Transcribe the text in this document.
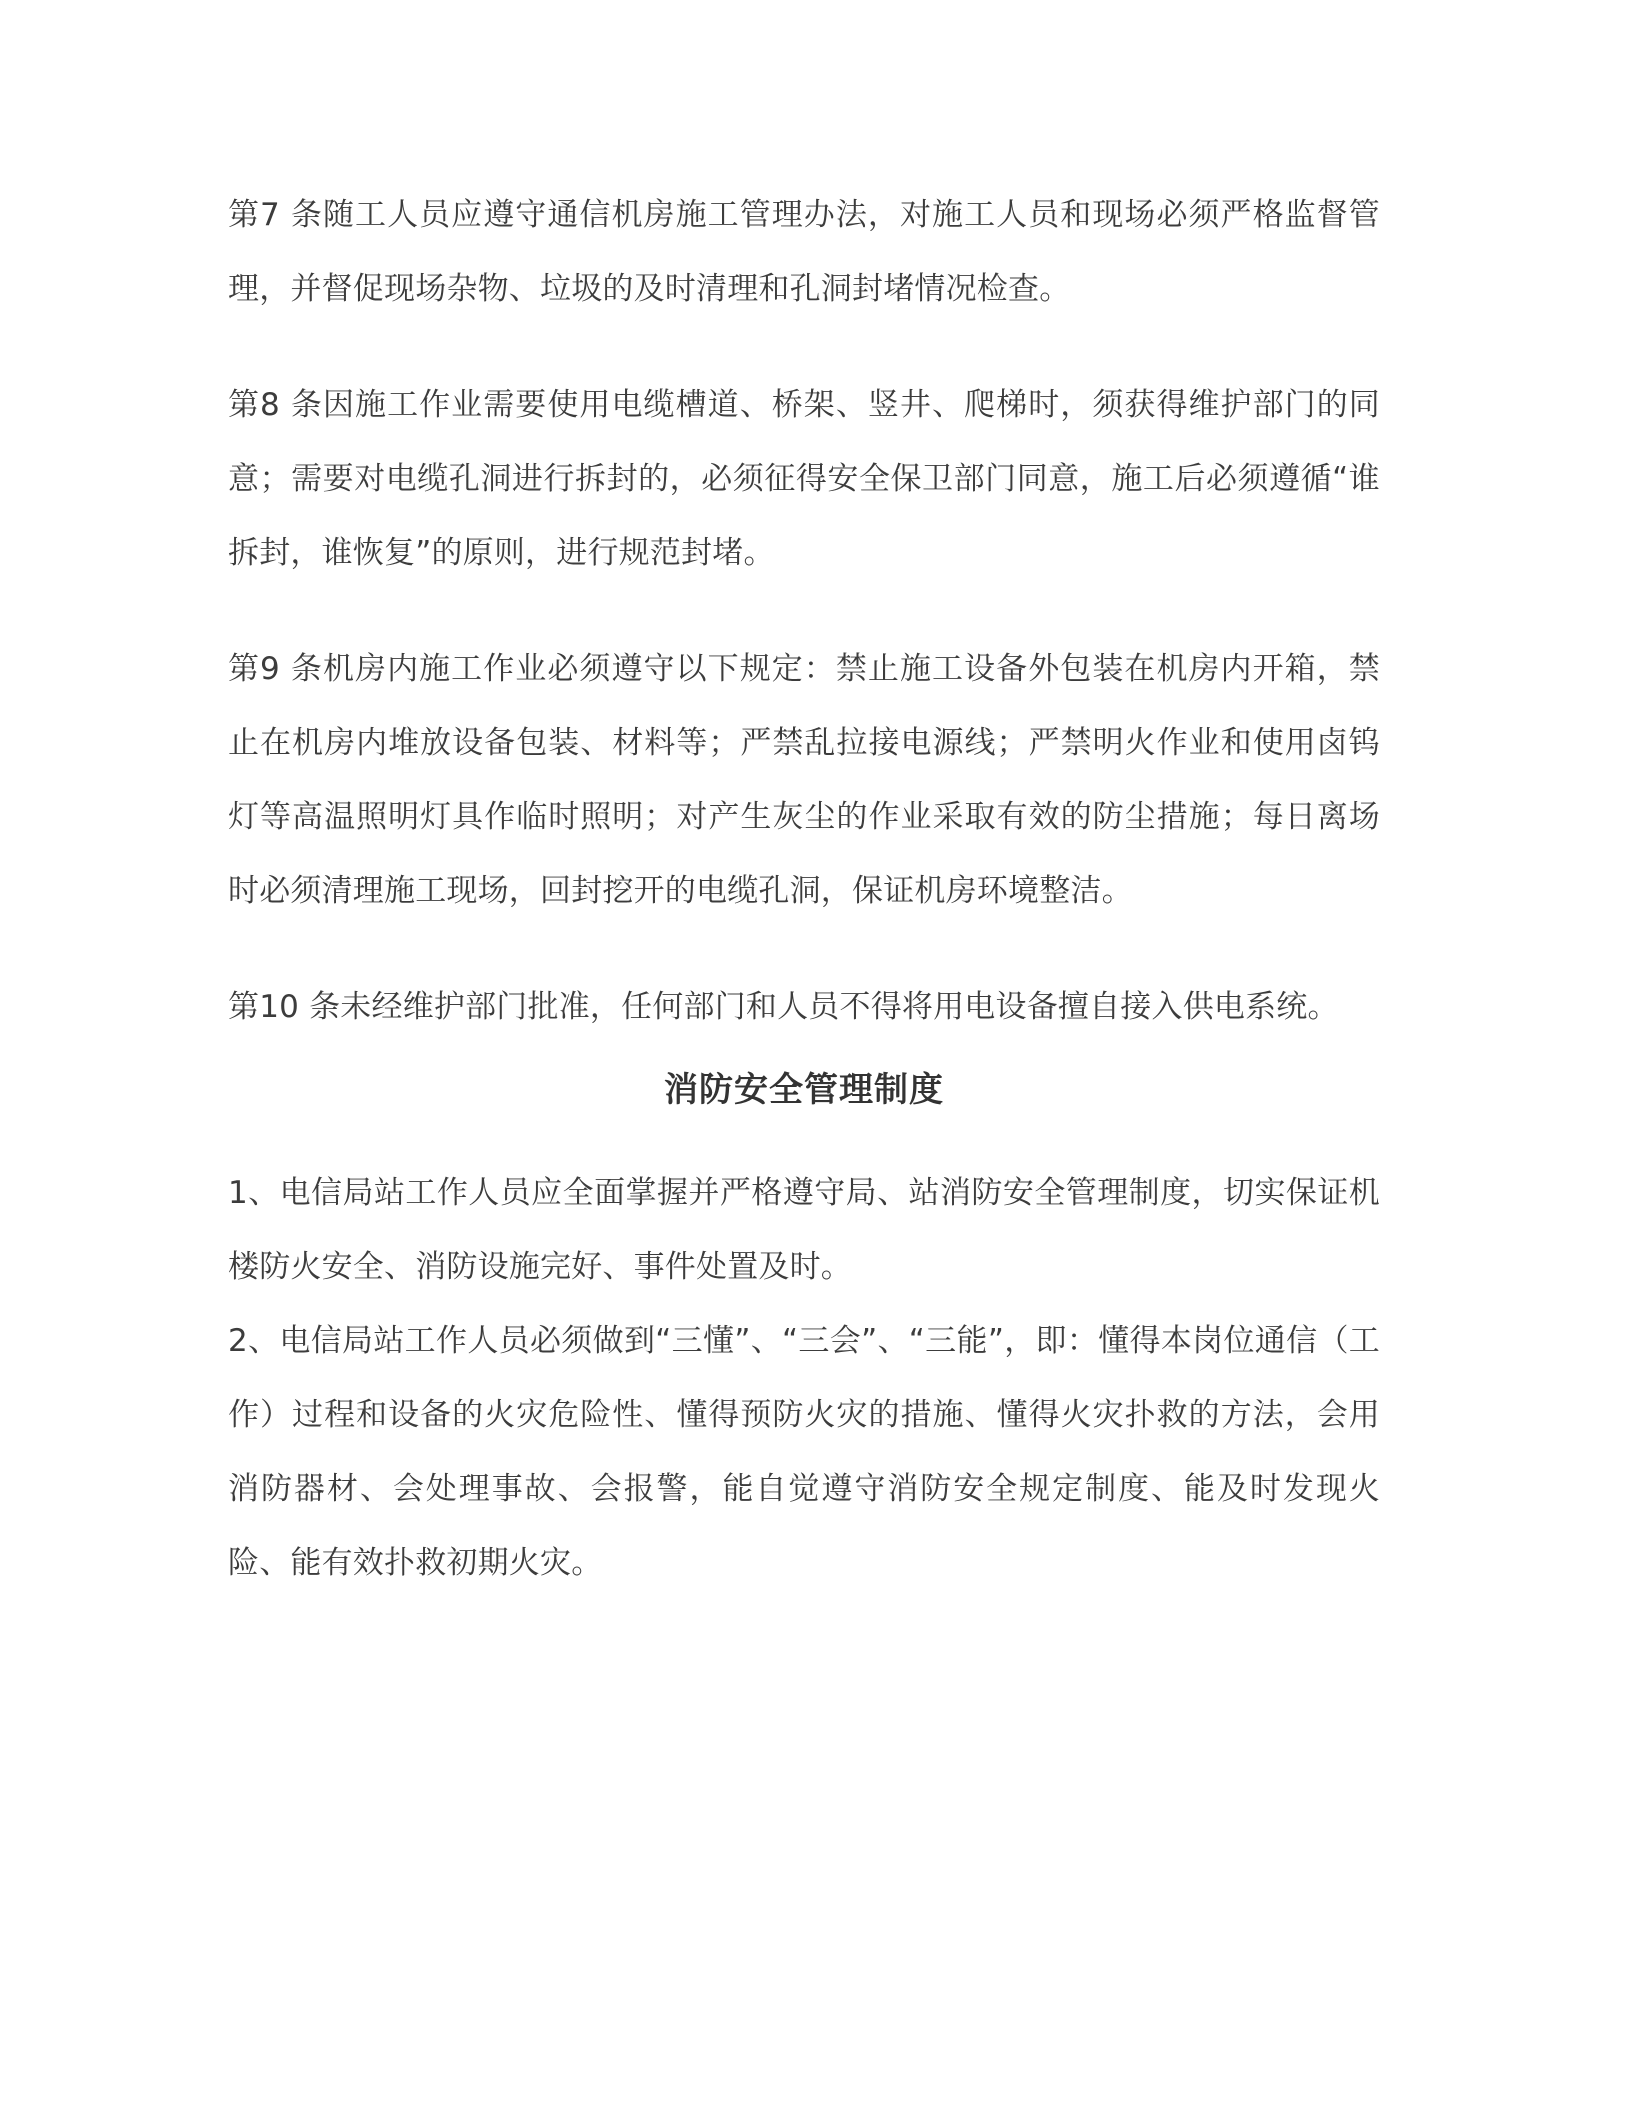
第7 条随工人员应遵守通信机房施工管理办法，对施工人员和现场必须严格监督管理，并督促现场杂物、垃圾的及时清理和孔洞封堵情况检查。

第8 条因施工作业需要使用电缆槽道、桥架、竖井、爬梯时，须获得维护部门的同意；需要对电缆孔洞进行拆封的，必须征得安全保卫部门同意，施工后必须遵循“谁拆封，谁恢复”的原则，进行规范封堵。

第9 条机房内施工作业必须遵守以下规定：禁止施工设备外包装在机房内开箱，禁止在机房内堆放设备包装、材料等；严禁乱拉接电源线；严禁明火作业和使用卤钨灯等高温照明灯具作临时照明；对产生灰尘的作业采取有效的防尘措施；每日离场时必须清理施工现场，回封挖开的电缆孔洞，保证机房环境整洁。

第10 条未经维护部门批准，任何部门和人员不得将用电设备擅自接入供电系统。

消防安全管理制度

1、电信局站工作人员应全面掌握并严格遵守局、站消防安全管理制度，切实保证机楼防火安全、消防设施完好、事件处置及时。

2、电信局站工作人员必须做到“三懂”、“三会”、“三能”，即：懂得本岗位通信（工作）过程和设备的火灾危险性、懂得预防火灾的措施、懂得火灾扑救的方法，会用消防器材、会处理事故、会报警，能自觉遵守消防安全规定制度、能及时发现火险、能有效扑救初期火灾。
